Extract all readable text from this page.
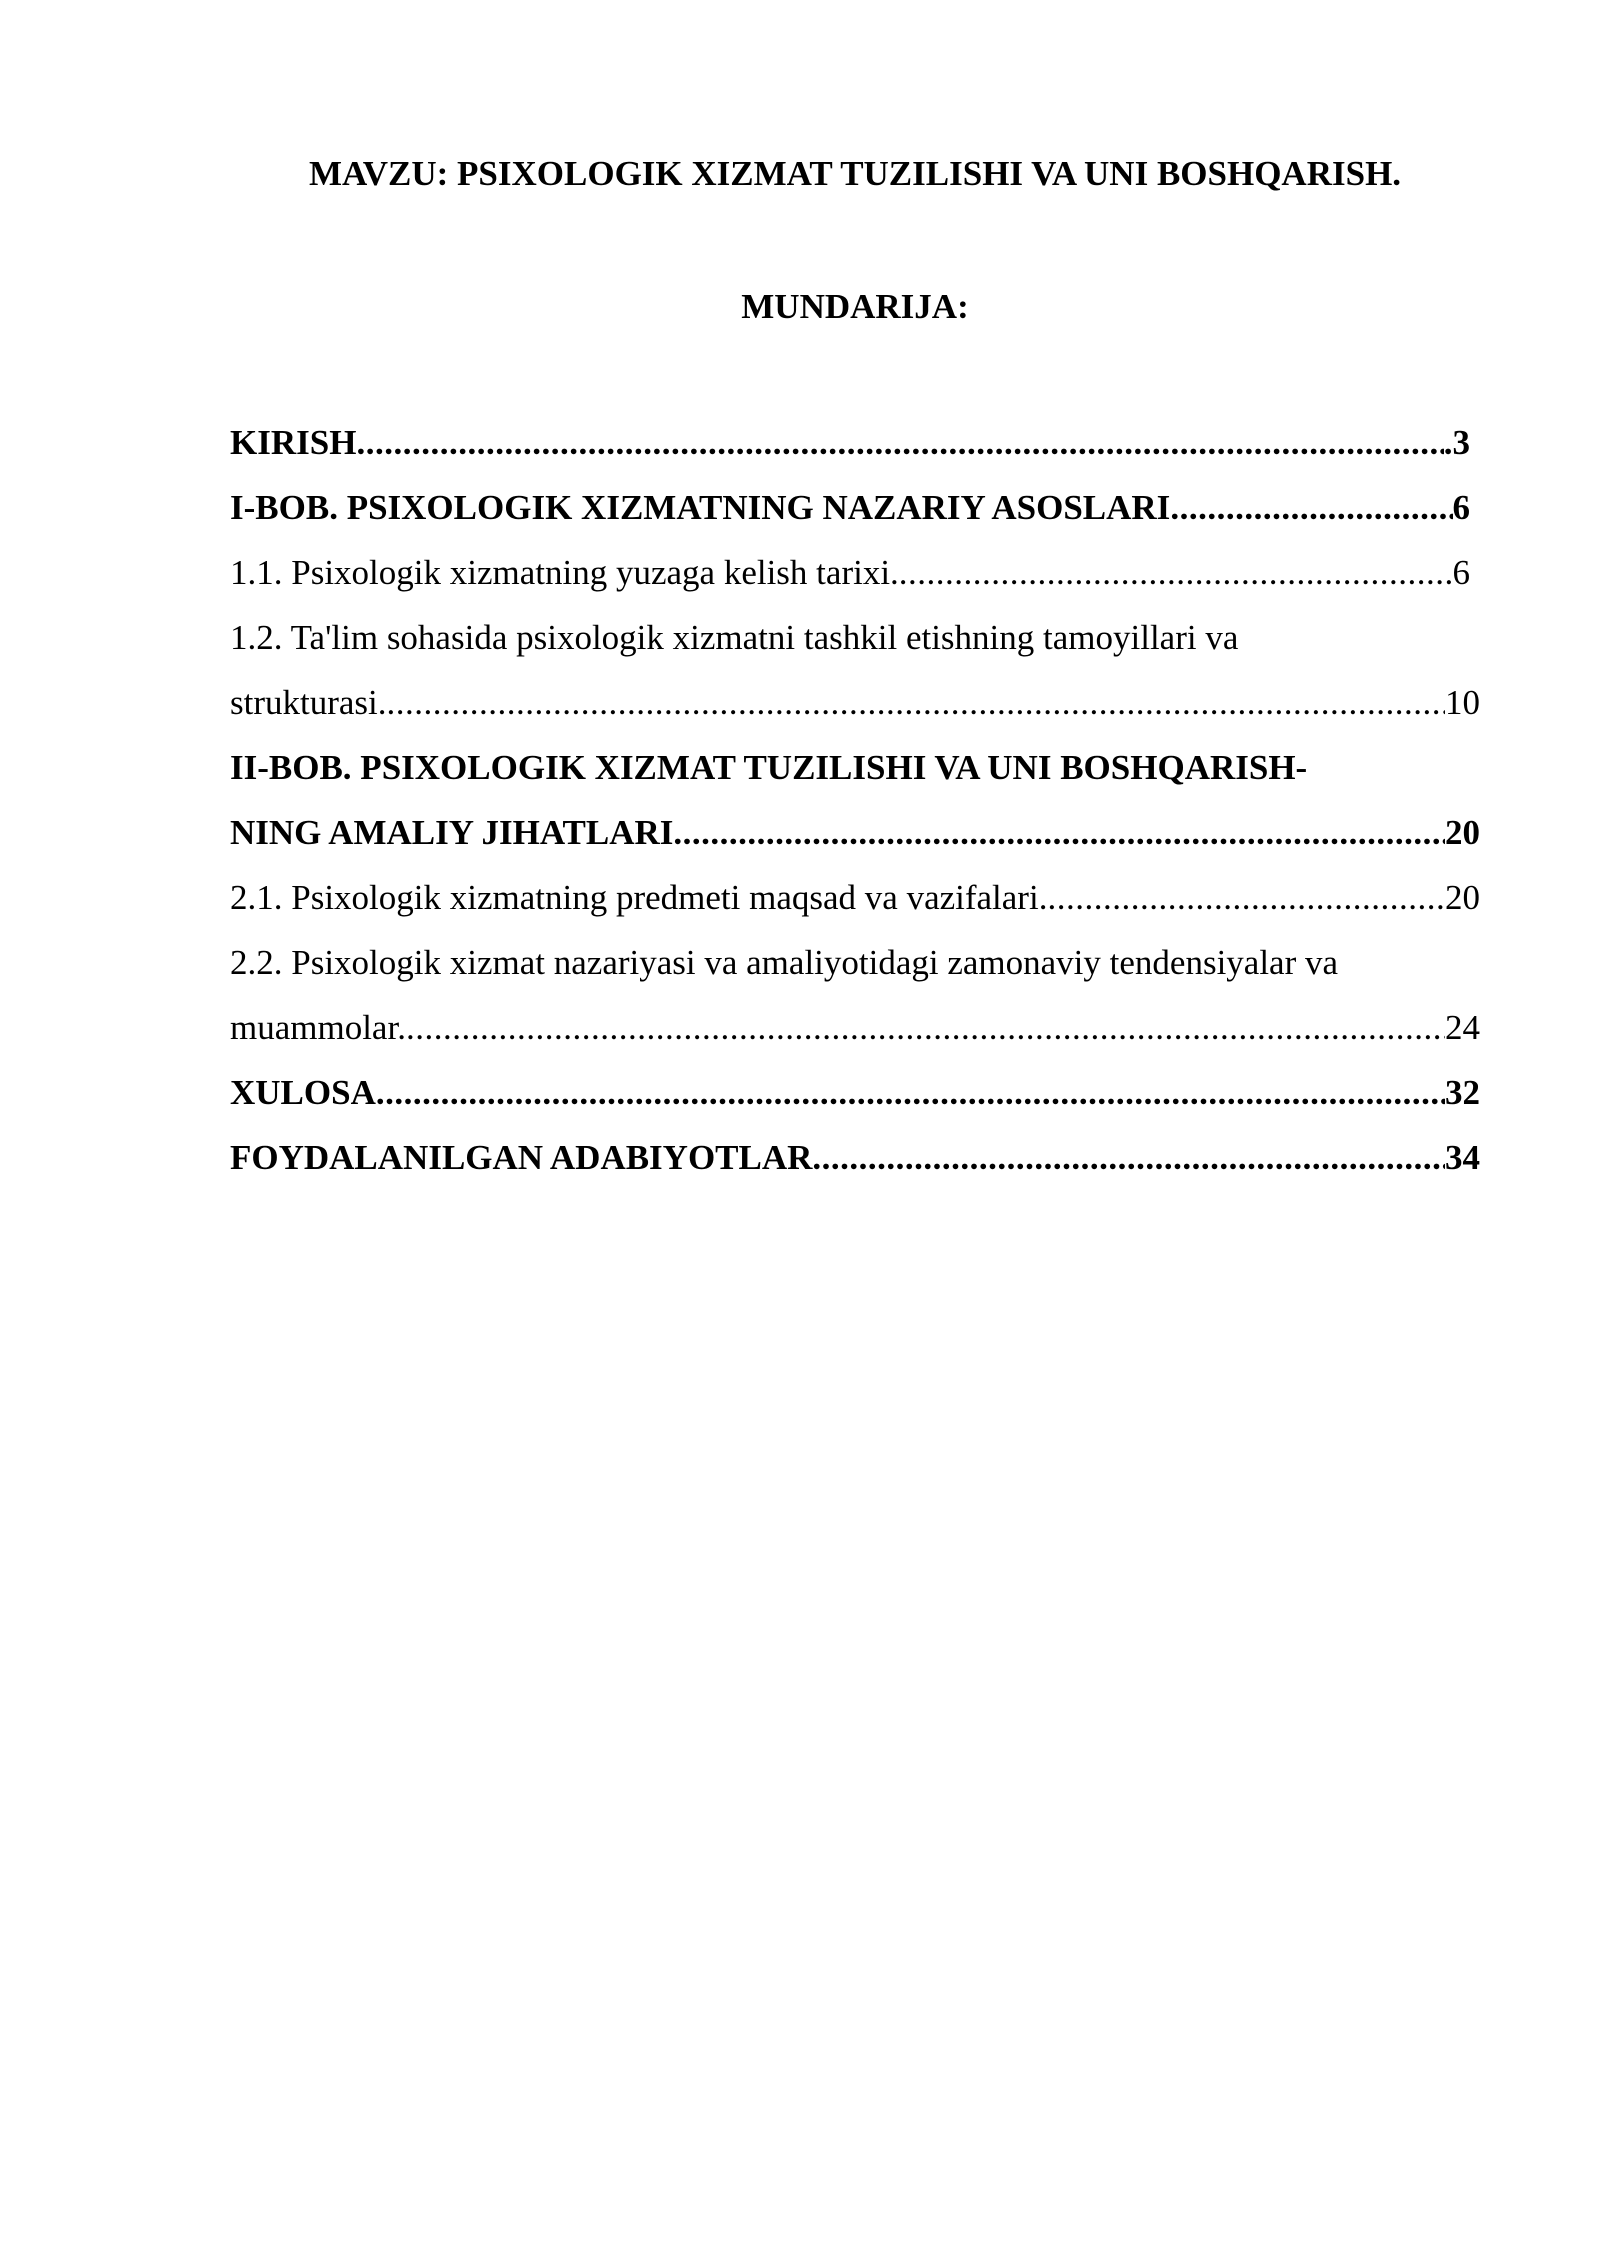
MAVZU: PSIXOLOGIK XIZMAT TUZILISHI VA UNI BOSHQARISH.
MUNDARIJA:
KIRISH .....	.3
I-BOB. PSIXOLOGIK XIZMATNING NAZARIY ASOSLARI .....	6
1.1. Psixologik xizmatning yuzaga kelish tarixi. .....	6
1.2. Ta'lim sohasida psixologik xizmatni tashkil etishning tamoyillari va
strukturasi. .....	10
II-BOB. PSIXOLOGIK XIZMAT TUZILISHI VA UNI BOSHQARISH-
NING AMALIY JIHATLARI .....	20
2.1. Psixologik xizmatning predmeti maqsad va vazifalari. .....	20
2.2. Psixologik xizmat nazariyasi va amaliyotidagi zamonaviy tendensiyalar va
muammolar. .....	24
XULOSA .....	32
FOYDALANILGAN ADABIYOTLAR .....	34
